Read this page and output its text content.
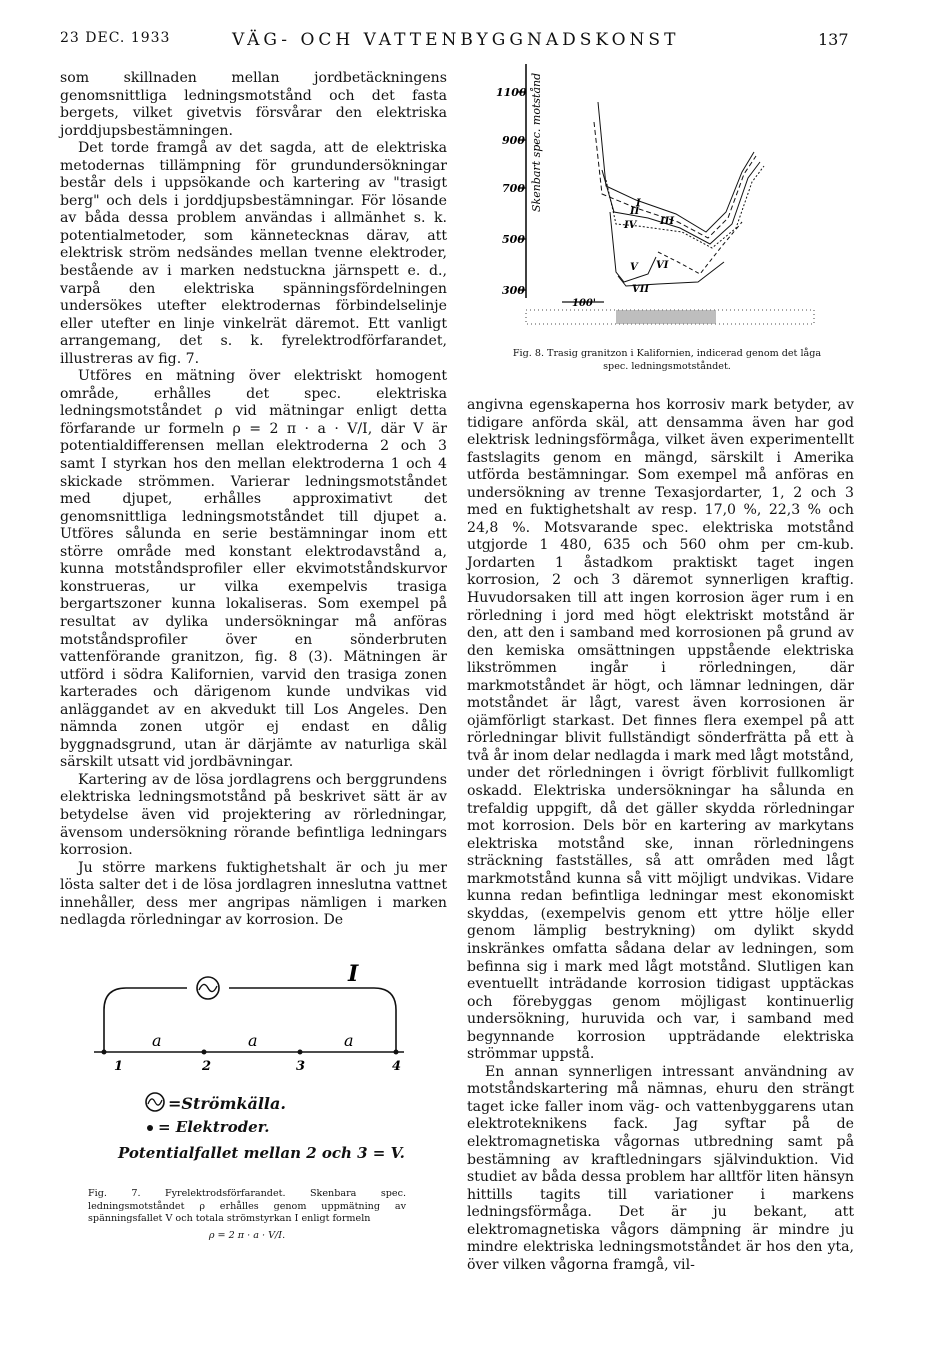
23 DEC. 1933	VÄG- OCH VATTENBYGGNADSKONST	137

som skillnaden mellan jordbetäckningens genomsnittliga ledningsmotstånd och det fasta bergets, vilket givetvis försvårar den elektriska jorddjupsbestämningen.

Det torde framgå av det sagda, att de elektriska metodernas tillämpning för grundundersökningar består dels i uppsökande och kartering av "trasigt berg" och dels i jorddjupsbestämningar. För lösande av båda dessa problem användas i allmänhet s. k. potentialmetoder, som kännetecknas därav, att elektrisk ström nedsändes mellan tvenne elektroder, bestående av i marken nedstuckna järnspett e. d., varpå den elektriska spänningsfördelningen undersökes utefter elektrodernas förbindelselinje eller utefter en linje vinkelrät däremot. Ett vanligt arrangemang, det s. k. fyrelektrodförfarandet, illustreras av fig. 7.

Utföres en mätning över elektriskt homogent område, erhålles det spec. elektriska ledningsmotståndet ρ vid mätningar enligt detta förfarande ur formeln ρ = 2 π · a · V/I, där V är potentialdifferensen mellan elektroderna 2 och 3 samt I styrkan hos den mellan elektroderna 1 och 4 skickade strömmen. Varierar ledningsmotståndet med djupet, erhålles approximativt det genomsnittliga ledningsmotståndet till djupet a. Utföres sålunda en serie bestämningar inom ett större område med konstant elektrodavstånd a, kunna motståndsprofiler eller ekvimotståndskurvor konstrueras, ur vilka exempelvis trasiga bergartszoner kunna lokaliseras. Som exempel på resultat av dylika undersökningar må anföras motståndsprofiler över en sönderbruten vattenförande granitzon, fig. 8 (3). Mätningen är utförd i södra Kalifornien, varvid den trasiga zonen karterades och därigenom kunde undvikas vid anläggandet av en akvedukt till Los Angeles. Den nämnda zonen utgör ej endast en dålig byggnadsgrund, utan är därjämte av naturliga skäl särskilt utsatt vid jordbävningar.

Kartering av de lösa jordlagrens och berggrundens elektriska ledningsmotstånd på beskrivet sätt är av betydelse även vid projektering av rörledningar, ävensom undersökning rörande befintliga ledningars korrosion.

Ju större markens fuktighetshalt är och ju mer lösta salter det i de lösa jordlagren inneslutna vattnet innehåller, dess mer angripas nämligen i marken nedlagda rörledningar av korrosion. De

angivna egenskaperna hos korrosiv mark betyder, av tidigare anförda skäl, att densamma även har god elektrisk ledningsförmåga, vilket även experimentellt fastslagits genom en mängd, särskilt i Amerika utförda bestämningar. Som exempel må anföras en undersökning av trenne Texasjordarter, 1, 2 och 3 med en fuktighetshalt av resp. 17,0 %, 22,3 % och 24,8 %. Motsvarande spec. elektriska motstånd utgjorde 1 480, 635 och 560 ohm per cm-kub. Jordarten 1 åstadkom praktiskt taget ingen korrosion, 2 och 3 däremot synnerligen kraftig. Huvudorsaken till att ingen korrosion äger rum i en rörledning i jord med högt elektriskt motstånd är den, att den i samband med korrosionen på grund av den kemiska omsättningen uppstående elektriska likströmmen ingår i rörledningen, där markmotståndet är högt, och lämnar ledningen, där motståndet är lågt, varest även korrosionen är ojämförligt starkast. Det finnes flera exempel på att rörledningar blivit fullständigt sönderfrätta på ett à två år inom delar nedlagda i mark med lågt motstånd, under det rörledningen i övrigt förblivit fullkomligt oskadd. Elektriska undersökningar ha sålunda en trefaldig uppgift, då det gäller skydda rörledningar mot korrosion. Dels bör en kartering av markytans elektriska motstånd ske, innan rörledningens sträckning fastställes, så att områden med lågt markmotstånd kunna så vitt möjligt undvikas. Vidare kunna redan befintliga ledningar mest ekonomiskt skyddas, (exempelvis genom ett yttre hölje eller genom lämplig bestrykning) om dylikt skydd inskränkes omfatta sådana delar av ledningen, som befinna sig i mark med lågt motstånd. Slutligen kan eventuellt inträdande korrosion tidigast upptäckas och förebyggas genom möjligast kontinuerlig undersökning, huruvida och var, i samband med begynnande korrosion uppträdande elektriska strömmar uppstå.

En annan synnerligen intressant användning av motståndskartering må nämnas, ehuru den strängt taget icke faller inom väg- och vattenbyggarens utan elektroteknikens fack. Jag syftar på de elektromagnetiska vågornas utbredning samt på bestämning av kraftledningars självinduktion. Vid studiet av båda dessa problem har alltför liten hänsyn hittills tagits till variationer i markens ledningsförmåga. Det är ju bekant, att elektromagnetiska vågors dämpning är mindre ju mindre elektriska ledningsmotståndet är hos den yta, över vilken vågorna framgå, vil-

1100
900
700
500
300
Skenbart spec. motstånd	I
II
III
IV
V VI
VII
100'
Fig. 8. Trasig granitzon i Kalifornien, indicerad genom det låga spec. ledningsmotståndet.
I
a	a	a
1	2	3	4
=Strömkälla.
= Elektroder.
Potentialfallet mellan 2 och 3 = V.
Fig. 7. Fyrelektrodsförfarandet. Skenbara spec. ledningsmotståndet ρ erhålles genom uppmätning av spänningsfallet V och totala strömstyrkan I enligt formeln
ρ = 2 π · a · V/I.
